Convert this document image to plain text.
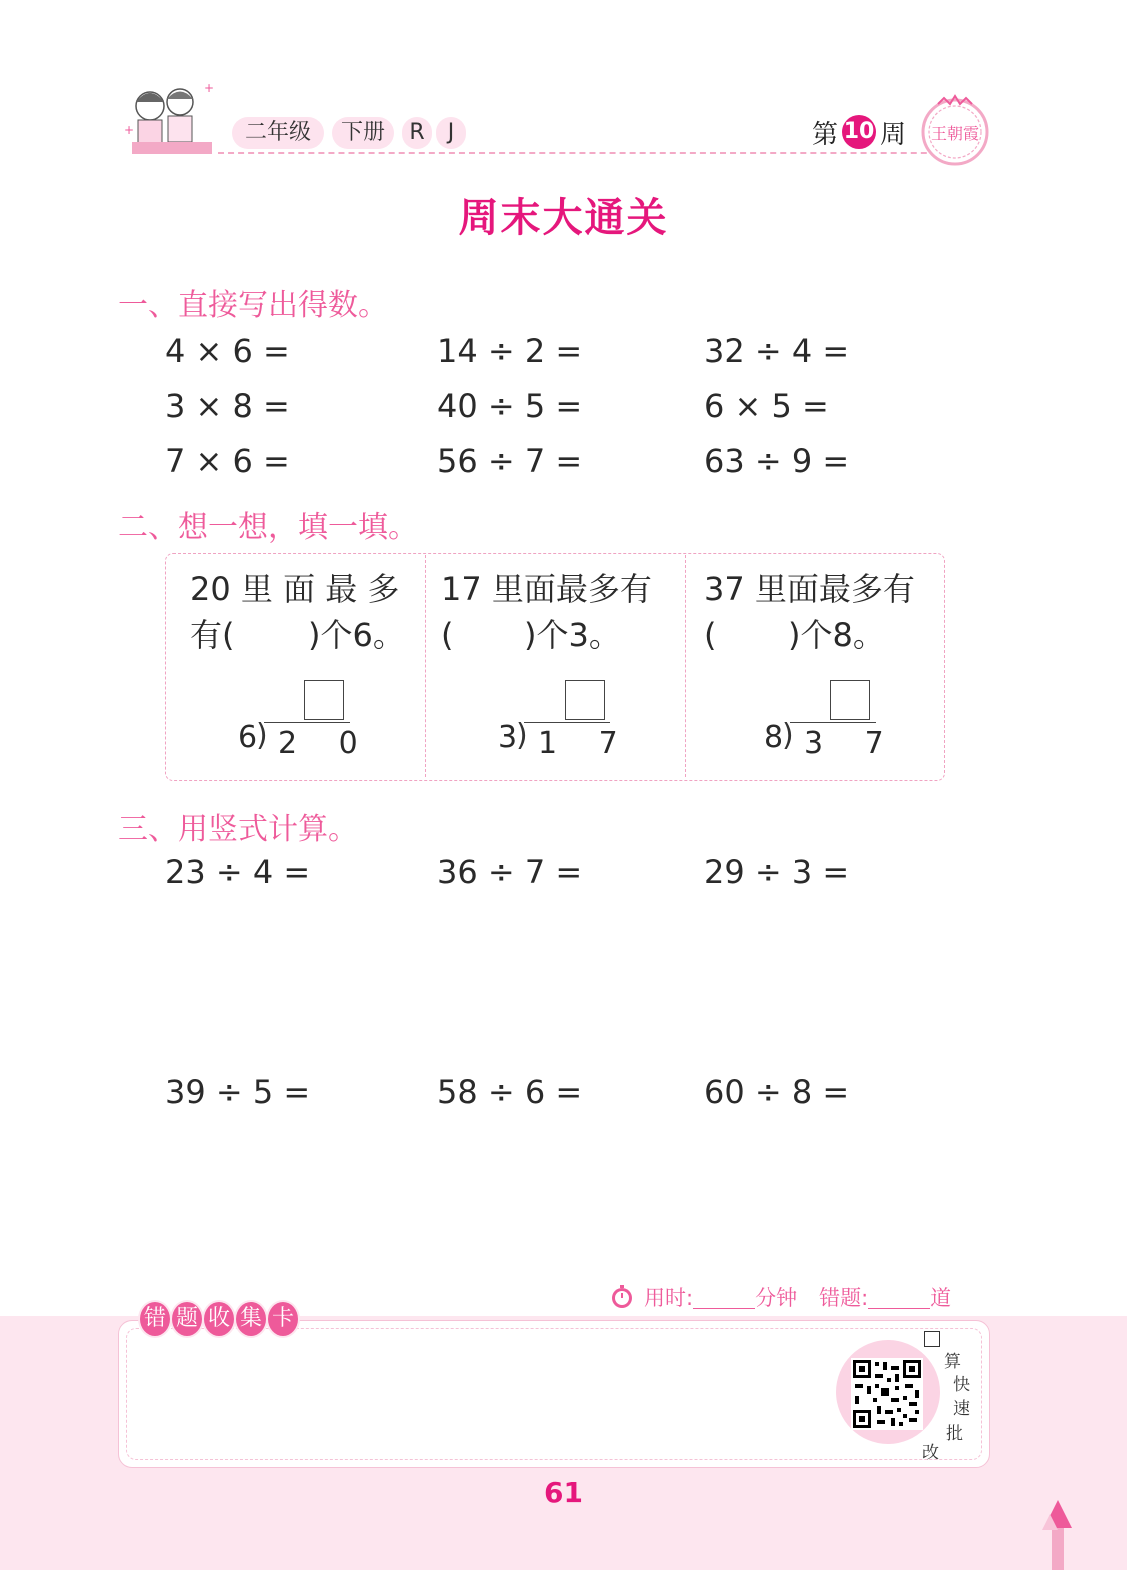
+
+
二年级	下册	R	J	第 10 周 王朝霞
周末大通关
一、直接写出得数。
4 × 6 =	14 ÷ 2 =	32 ÷ 4 =
3 × 8 =	40 ÷ 5 =	6 × 5 =
7 × 6 =	56 ÷ 7 =	63 ÷ 9 =
二、想一想，填一填。
20 里 面 最 多
有( )个6。
6
) 2 0
17 里面最多有
( )个3。
3
) 1 7
37 里面最多有
( )个8。
8
) 3 7
三、用竖式计算。
23 ÷ 4 =	36 ÷ 7 =	29 ÷ 3 =
39 ÷ 5 =	58 ÷ 6 =	60 ÷ 8 =
用时:	分钟 错题:	道
错 题 收 集 卡
算
快
速
批
改
61
